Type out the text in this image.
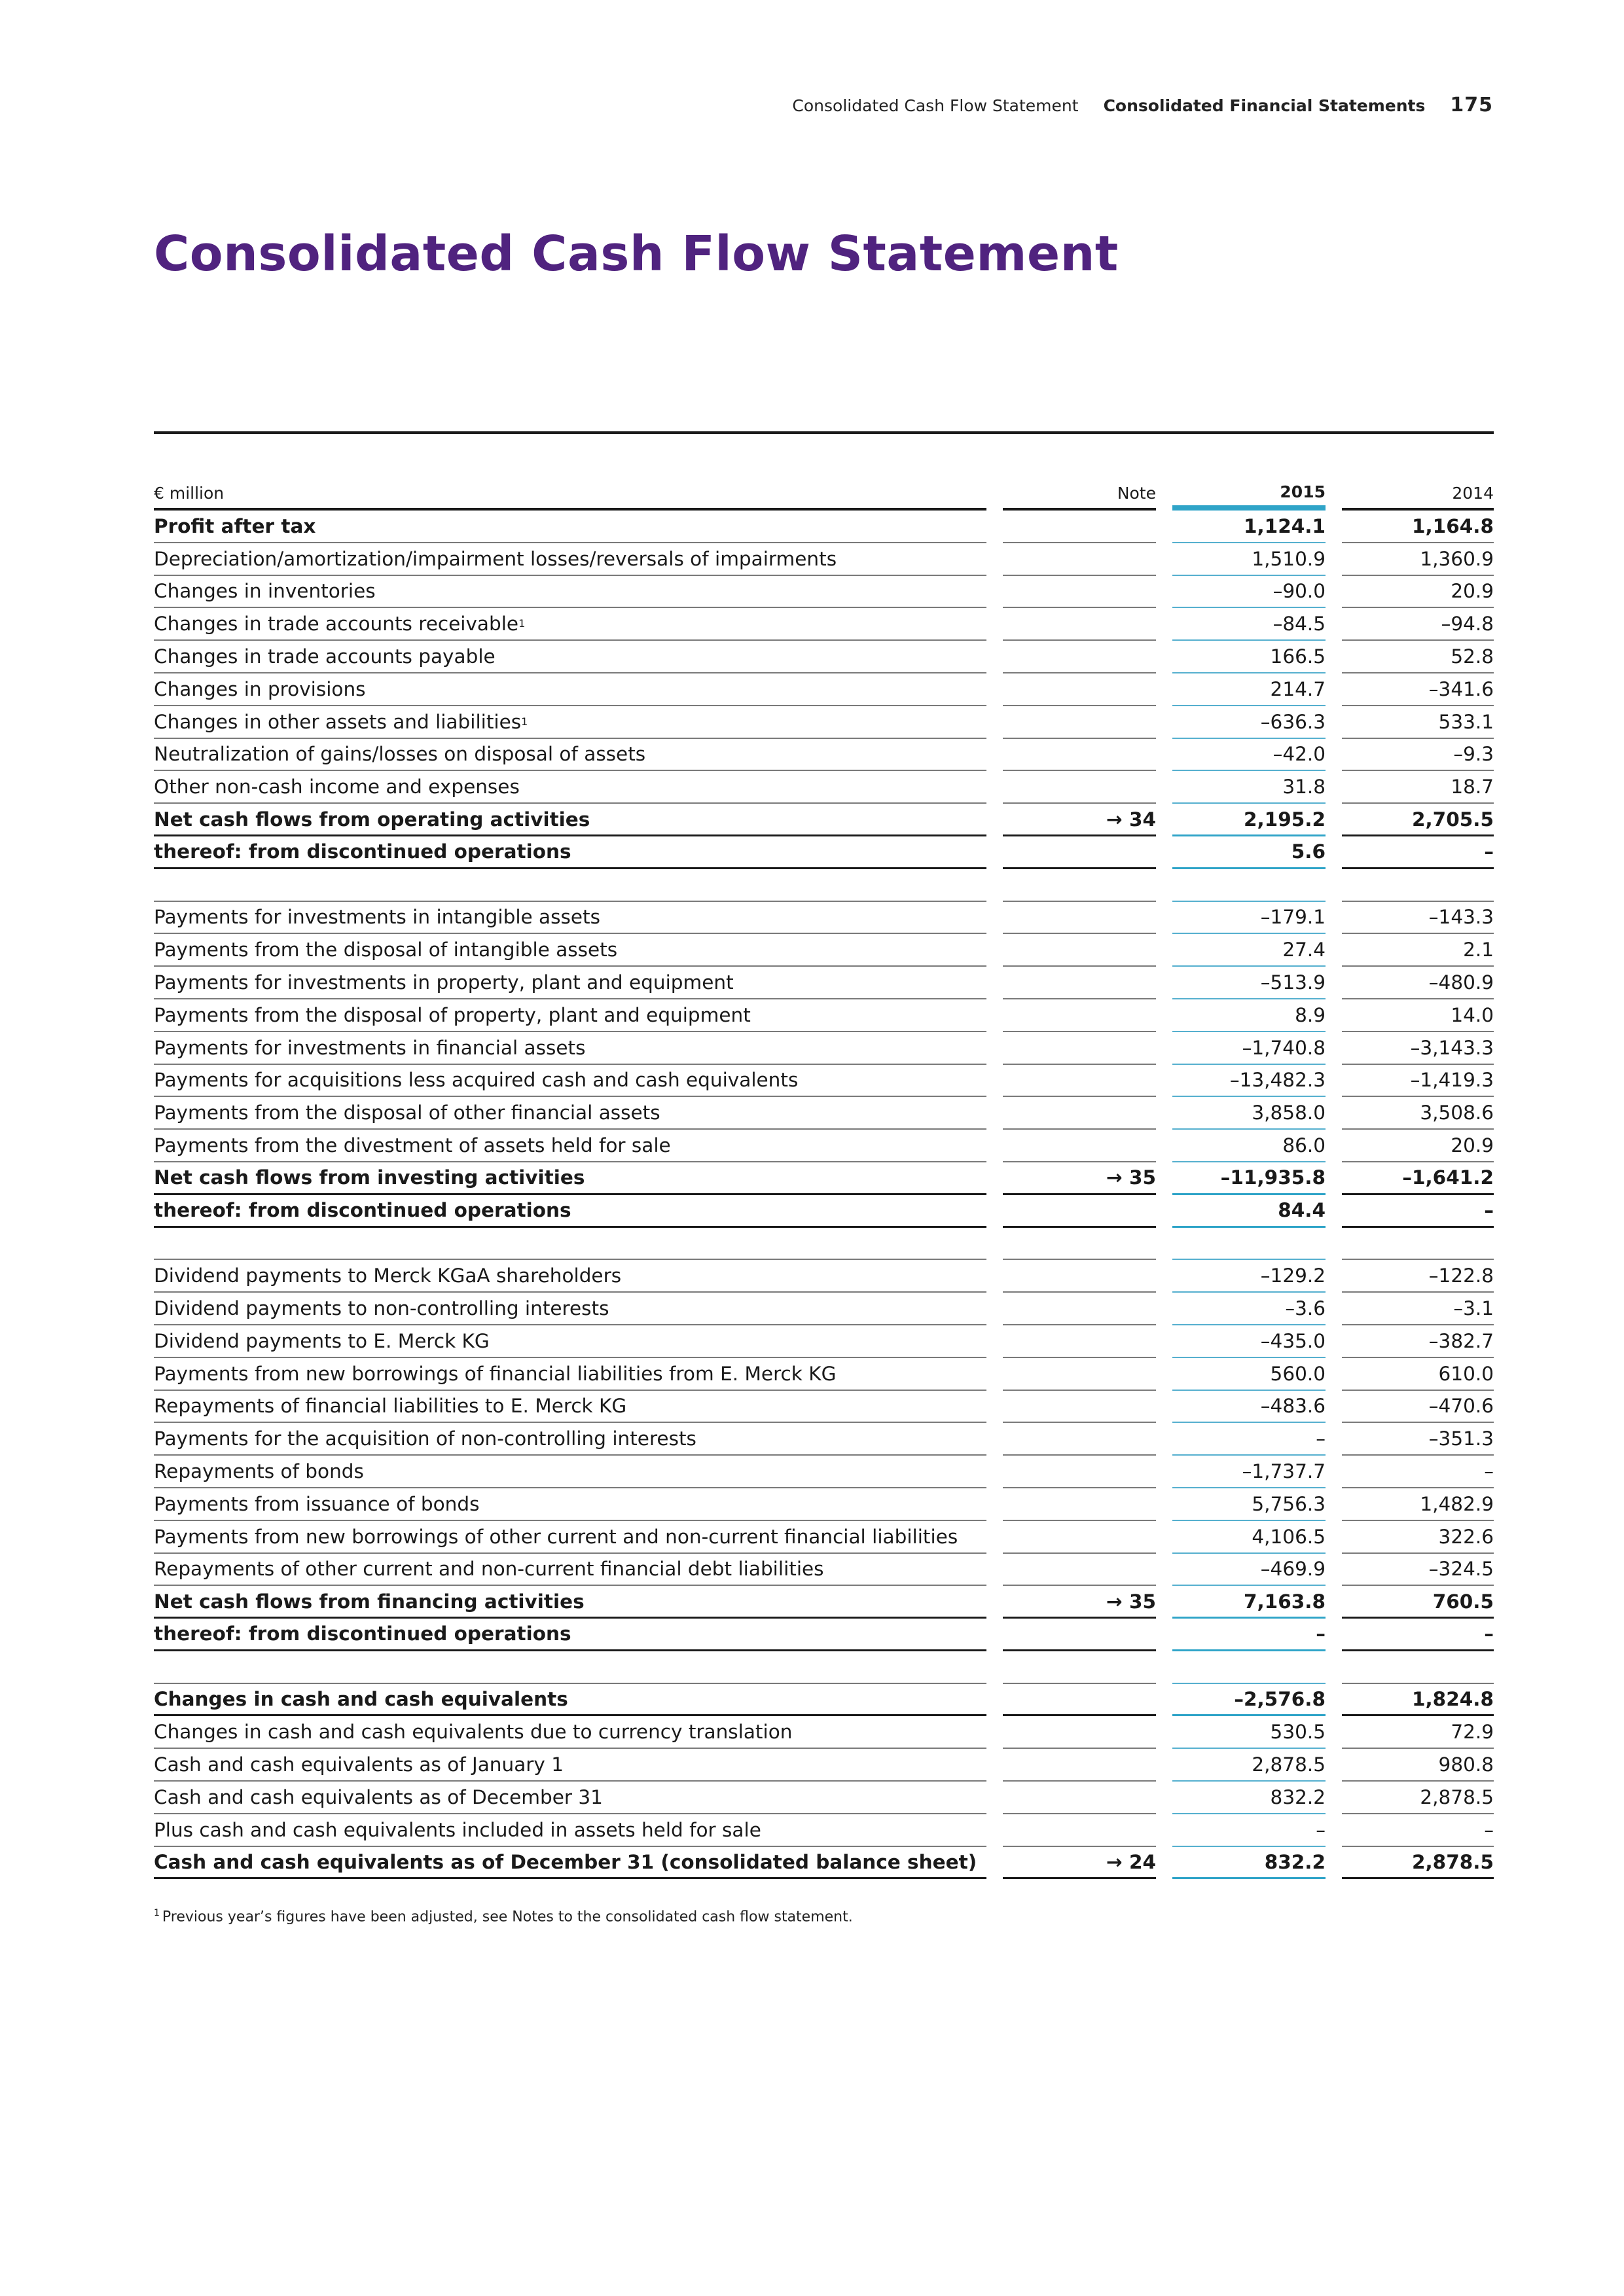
Consolidated Cash Flow Statement Consolidated Financial Statements 175
Consolidated Cash Flow Statement
€ million	Note	2015	2014
Profit after tax	1,124.1	1,164.8
Depreciation/amortization/impairment losses/reversals of impairments	1,510.9	1,360.9
Changes in inventories	–90.0	20.9
Changes in trade accounts receivable 1	–84.5	–94.8
Changes in trade accounts payable	166.5	52.8
Changes in provisions	214.7	–341.6
Changes in other assets and liabilities 1	–636.3	533.1
Neutralization of gains/losses on disposal of assets	–42.0	–9.3
Other non-cash income and expenses	31.8	18.7
Net cash flows from operating activities	→ 34	2,195.2	2,705.5
thereof: from discontinued operations	5.6	–
Payments for investments in intangible assets	–179.1	–143.3
Payments from the disposal of intangible assets	27.4	2.1
Payments for investments in property, plant and equipment	–513.9	–480.9
Payments from the disposal of property, plant and equipment	8.9	14.0
Payments for investments in financial assets	–1,740.8	–3,143.3
Payments for acquisitions less acquired cash and cash equivalents	–13,482.3	–1,419.3
Payments from the disposal of other financial assets	3,858.0	3,508.6
Payments from the divestment of assets held for sale	86.0	20.9
Net cash flows from investing activities	→ 35	–11,935.8	–1,641.2
thereof: from discontinued operations	84.4	–
Dividend payments to Merck KGaA shareholders	–129.2	–122.8
Dividend payments to non-controlling interests	–3.6	–3.1
Dividend payments to E. Merck KG	–435.0	–382.7
Payments from new borrowings of financial liabilities from E. Merck KG	560.0	610.0
Repayments of financial liabilities to E. Merck KG	–483.6	–470.6
Payments for the acquisition of non-controlling interests	–	–351.3
Repayments of bonds	–1,737.7	–
Payments from issuance of bonds	5,756.3	1,482.9
Payments from new borrowings of other current and non-current financial liabilities	4,106.5	322.6
Repayments of other current and non-current financial debt liabilities	–469.9	–324.5
Net cash flows from financing activities	→ 35	7,163.8	760.5
thereof: from discontinued operations	–	–
Changes in cash and cash equivalents	–2,576.8	1,824.8
Changes in cash and cash equivalents due to currency translation	530.5	72.9
Cash and cash equivalents as of January 1	2,878.5	980.8
Cash and cash equivalents as of December 31	832.2	2,878.5
Plus cash and cash equivalents included in assets held for sale	–	–
Cash and cash equivalents as of December 31 (consolidated balance sheet)	→ 24	832.2	2,878.5
$^1$ Previous year’s figures have been adjusted, see Notes to the consolidated cash flow statement.
